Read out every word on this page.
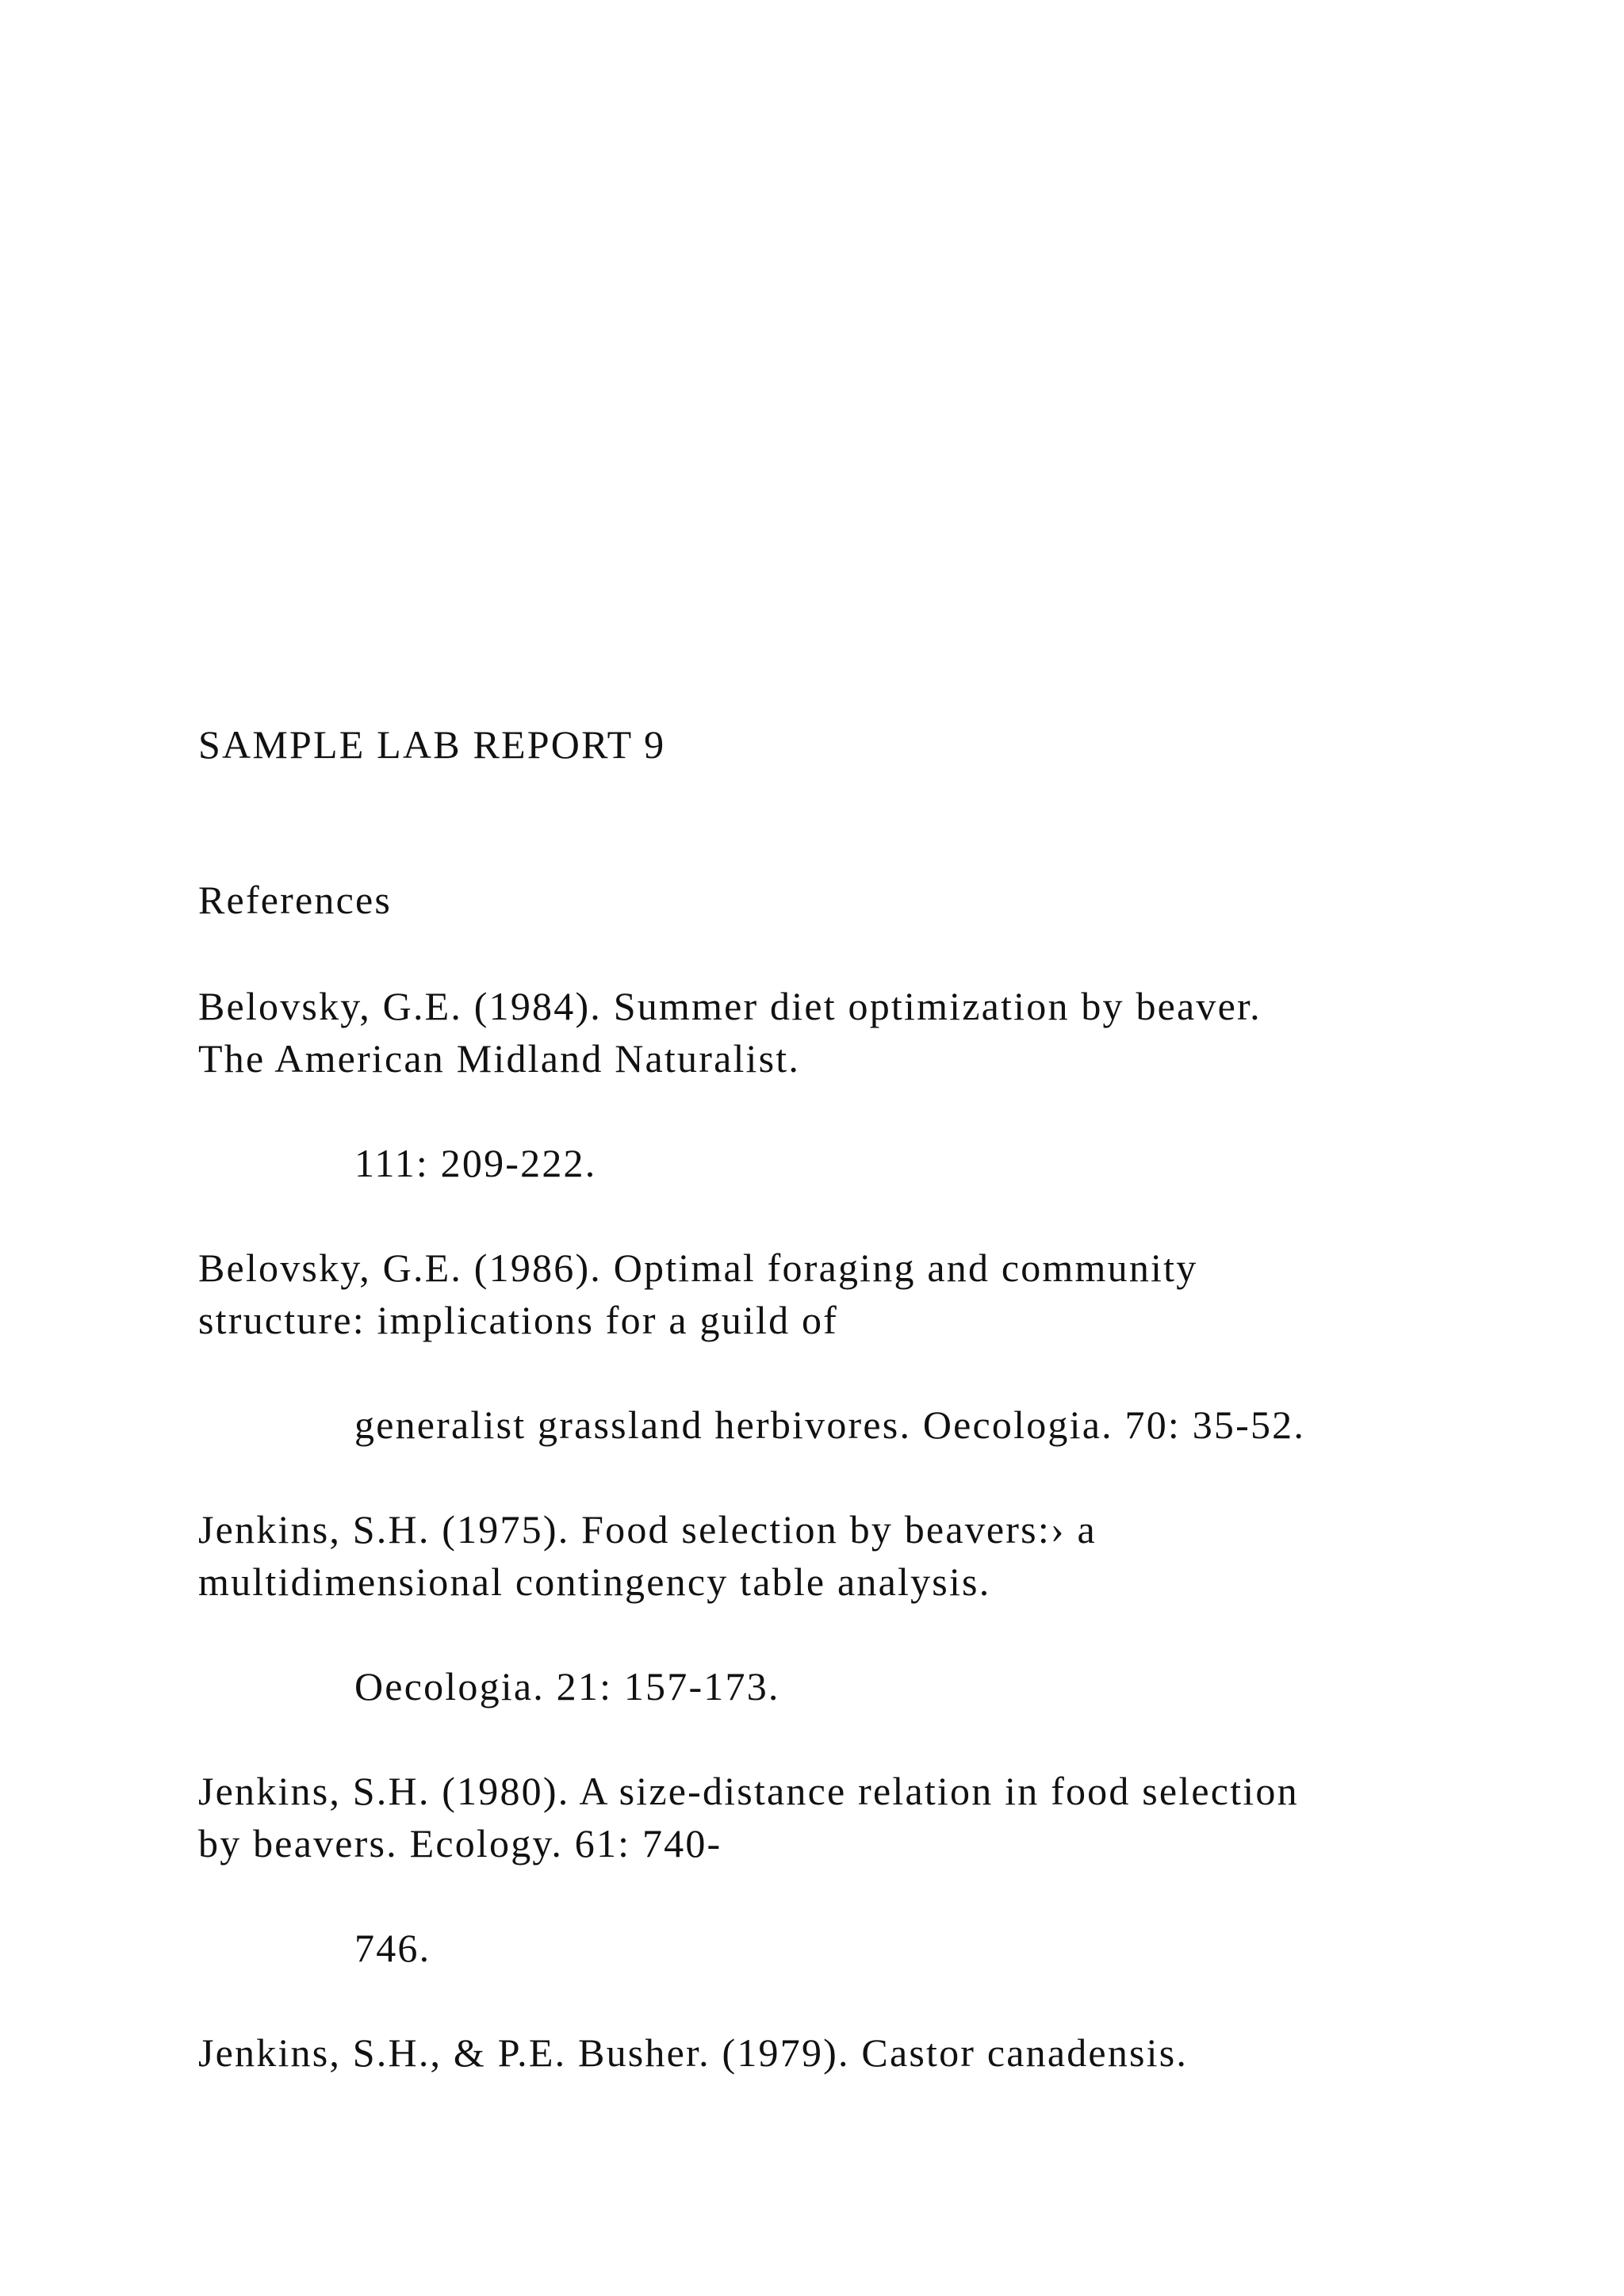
SAMPLE LAB REPORT 9

References

Belovsky, G.E. (1984). Summer diet optimization by beaver.

The American Midland Naturalist.

111: 209-222.

Belovsky, G.E. (1986). Optimal foraging and community

structure: implications for a guild of

generalist grassland herbivores. Oecologia. 70: 35-52.

Jenkins, S.H. (1975). Food selection by beavers:› a

multidimensional contingency table analysis.

Oecologia. 21: 157-173.

Jenkins, S.H. (1980). A size-distance relation in food selection

by beavers. Ecology. 61: 740-

746.

Jenkins, S.H., & P.E. Busher. (1979). Castor canadensis.
